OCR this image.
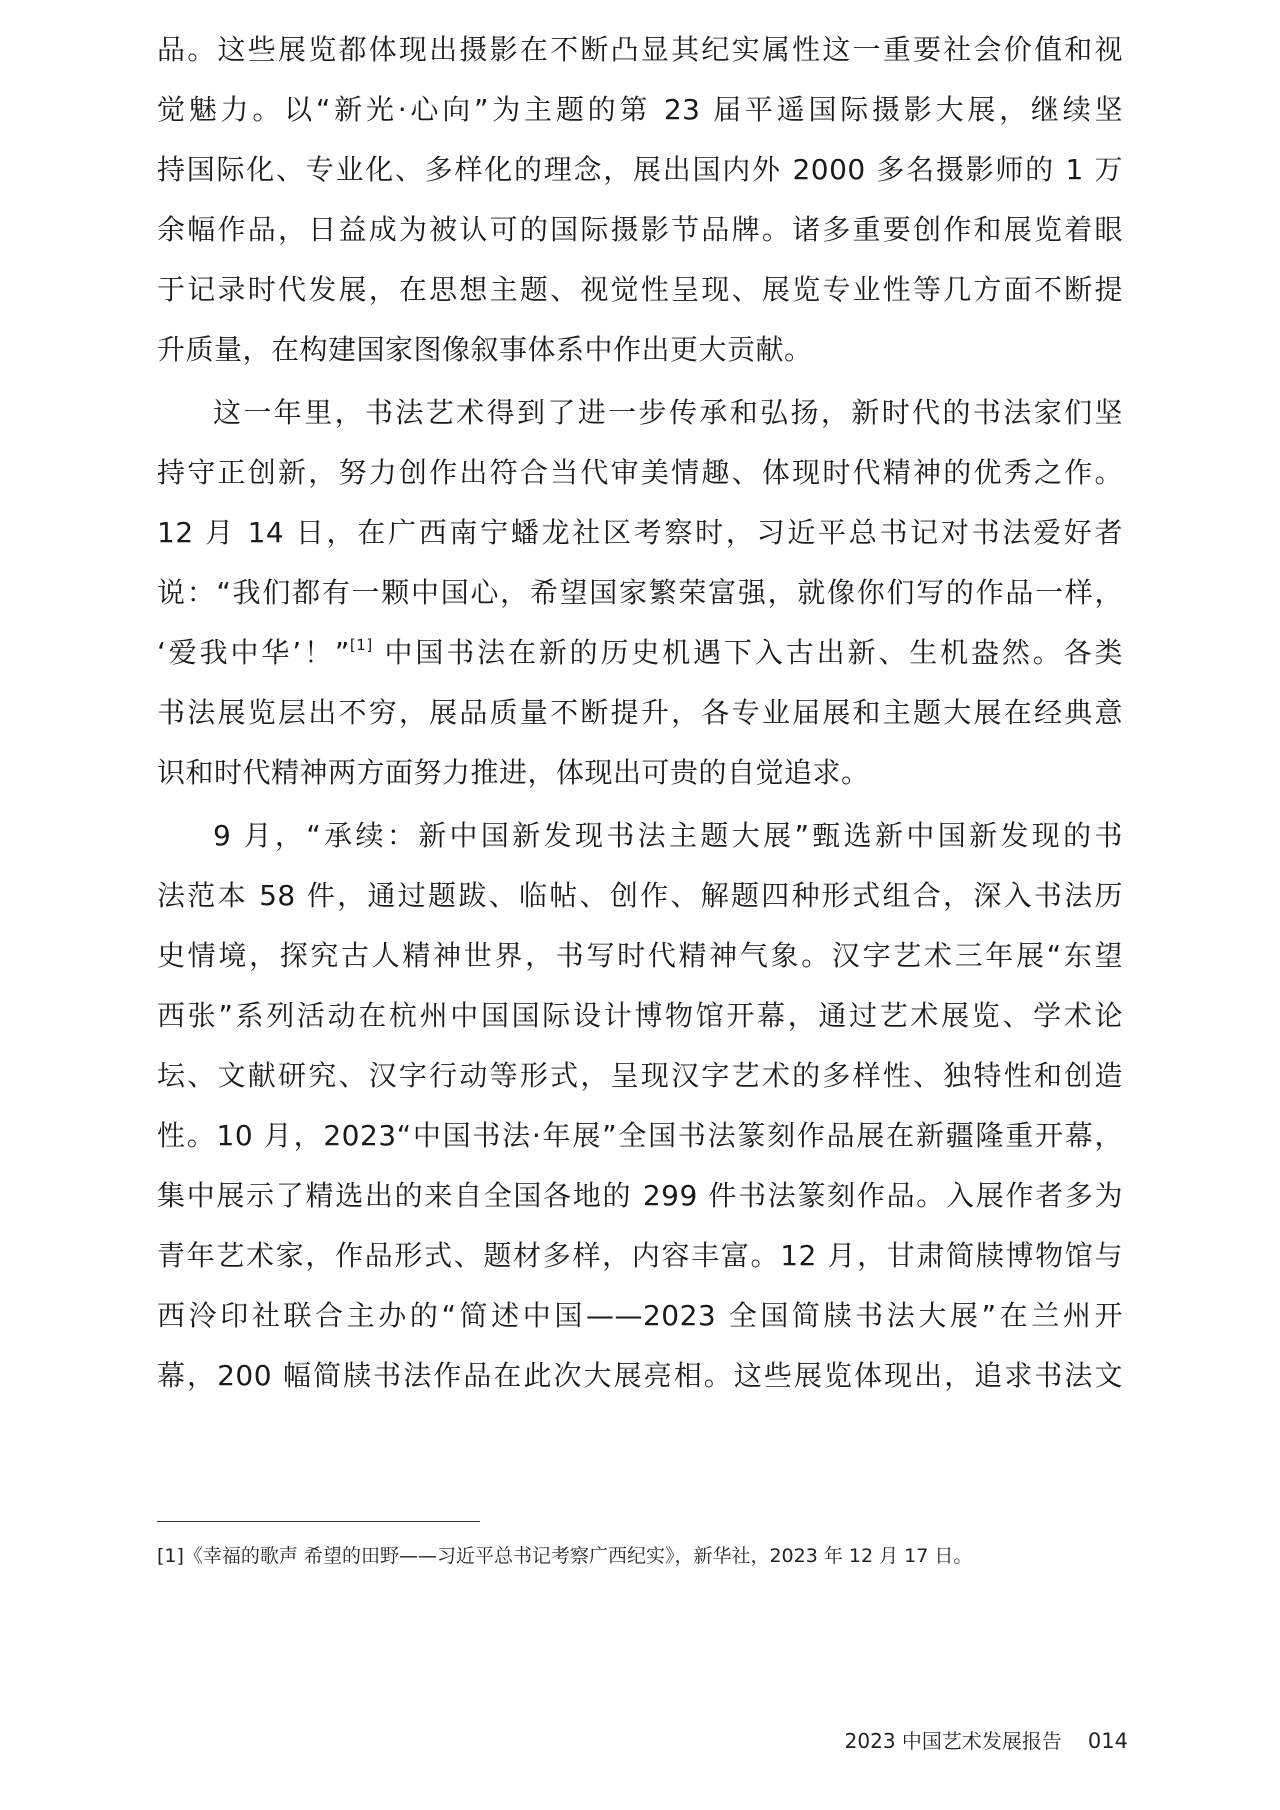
品。这些展览都体现出摄影在不断凸显其纪实属性这一重要社会价值和视
觉魅力。以“新光·心向”为主题的第 23 届平遥国际摄影大展，继续坚
持国际化、专业化、多样化的理念，展出国内外 2000 多名摄影师的 1 万
余幅作品，日益成为被认可的国际摄影节品牌。诸多重要创作和展览着眼
于记录时代发展，在思想主题、视觉性呈现、展览专业性等几方面不断提
升质量，在构建国家图像叙事体系中作出更大贡献。
这一年里，书法艺术得到了进一步传承和弘扬，新时代的书法家们坚
持守正创新，努力创作出符合当代审美情趣、体现时代精神的优秀之作。
12 月 14 日，在广西南宁蟠龙社区考察时，习近平总书记对书法爱好者
说：“我们都有一颗中国心，希望国家繁荣富强，就像你们写的作品一样，
‘爱我中华’！”[1] 中国书法在新的历史机遇下入古出新、生机盎然。各类
书法展览层出不穷，展品质量不断提升，各专业届展和主题大展在经典意
识和时代精神两方面努力推进，体现出可贵的自觉追求。
9 月，“承续：新中国新发现书法主题大展”甄选新中国新发现的书
法范本 58 件，通过题跋、临帖、创作、解题四种形式组合，深入书法历
史情境，探究古人精神世界，书写时代精神气象。汉字艺术三年展“东望
西张”系列活动在杭州中国国际设计博物馆开幕，通过艺术展览、学术论
坛、文献研究、汉字行动等形式，呈现汉字艺术的多样性、独特性和创造
性。10 月，2023“中国书法·年展”全国书法篆刻作品展在新疆隆重开幕，
集中展示了精选出的来自全国各地的 299 件书法篆刻作品。入展作者多为
青年艺术家，作品形式、题材多样，内容丰富。12 月，甘肃简牍博物馆与
西泠印社联合主办的“简述中国——2023 全国简牍书法大展”在兰州开
幕，200 幅简牍书法作品在此次大展亮相。这些展览体现出，追求书法文
[1]《幸福的歌声 希望的田野——习近平总书记考察广西纪实》，新华社，2023 年 12 月 17 日。
2023 中国艺术发展报告 014
